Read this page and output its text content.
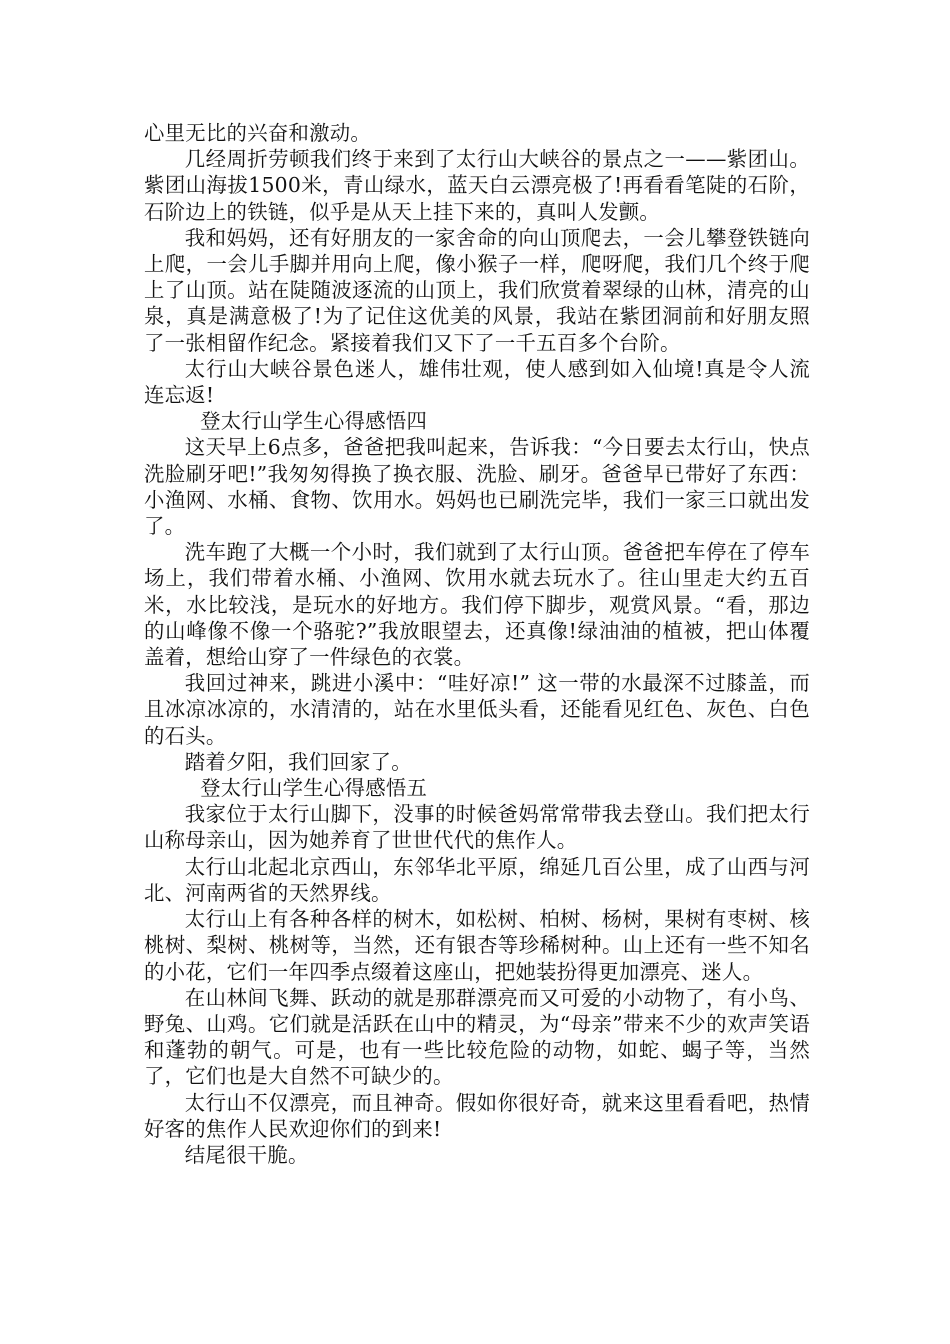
心里无比的兴奋和激动。

几经周折劳顿我们终于来到了太行山大峡谷的景点之一——紫团山。紫团山海拔1500米，青山绿水，蓝天白云漂亮极了!再看看笔陡的石阶，石阶边上的铁链，似乎是从天上挂下来的，真叫人发颤。

我和妈妈，还有好朋友的一家舍命的向山顶爬去，一会儿攀登铁链向上爬，一会儿手脚并用向上爬，像小猴子一样，爬呀爬，我们几个终于爬上了山顶。站在陡随波逐流的山顶上，我们欣赏着翠绿的山林，清亮的山泉，真是满意极了!为了记住这优美的风景，我站在紫团洞前和好朋友照了一张相留作纪念。紧接着我们又下了一千五百多个台阶。

太行山大峡谷景色迷人，雄伟壮观，使人感到如入仙境!真是令人流连忘返!

登太行山学生心得感悟四

这天早上6点多，爸爸把我叫起来，告诉我：“今日要去太行山，快点洗脸刷牙吧!”我匆匆得换了换衣服、洗脸、刷牙。爸爸早已带好了东西：小渔网、水桶、食物、饮用水。妈妈也已刷洗完毕，我们一家三口就出发了。

洗车跑了大概一个小时，我们就到了太行山顶。爸爸把车停在了停车场上，我们带着水桶、小渔网、饮用水就去玩水了。往山里走大约五百米，水比较浅，是玩水的好地方。我们停下脚步，观赏风景。“看，那边的山峰像不像一个骆驼?”我放眼望去，还真像!绿油油的植被，把山体覆盖着，想给山穿了一件绿色的衣裳。

我回过神来，跳进小溪中：“哇好凉!” 这一带的水最深不过膝盖，而且冰凉冰凉的，水清清的，站在水里低头看，还能看见红色、灰色、白色的石头。

踏着夕阳，我们回家了。

登太行山学生心得感悟五

我家位于太行山脚下，没事的时候爸妈常常带我去登山。我们把太行山称母亲山，因为她养育了世世代代的焦作人。

太行山北起北京西山，东邻华北平原，绵延几百公里，成了山西与河北、河南两省的天然界线。

太行山上有各种各样的树木，如松树、柏树、杨树，果树有枣树、核桃树、梨树、桃树等，当然，还有银杏等珍稀树种。山上还有一些不知名的小花，它们一年四季点缀着这座山，把她装扮得更加漂亮、迷人。

在山林间飞舞、跃动的就是那群漂亮而又可爱的小动物了，有小鸟、野兔、山鸡。它们就是活跃在山中的精灵，为“母亲”带来不少的欢声笑语和蓬勃的朝气。可是，也有一些比较危险的动物，如蛇、蝎子等，当然了，它们也是大自然不可缺少的。

太行山不仅漂亮，而且神奇。假如你很好奇，就来这里看看吧，热情好客的焦作人民欢迎你们的到来!

结尾很干脆。
